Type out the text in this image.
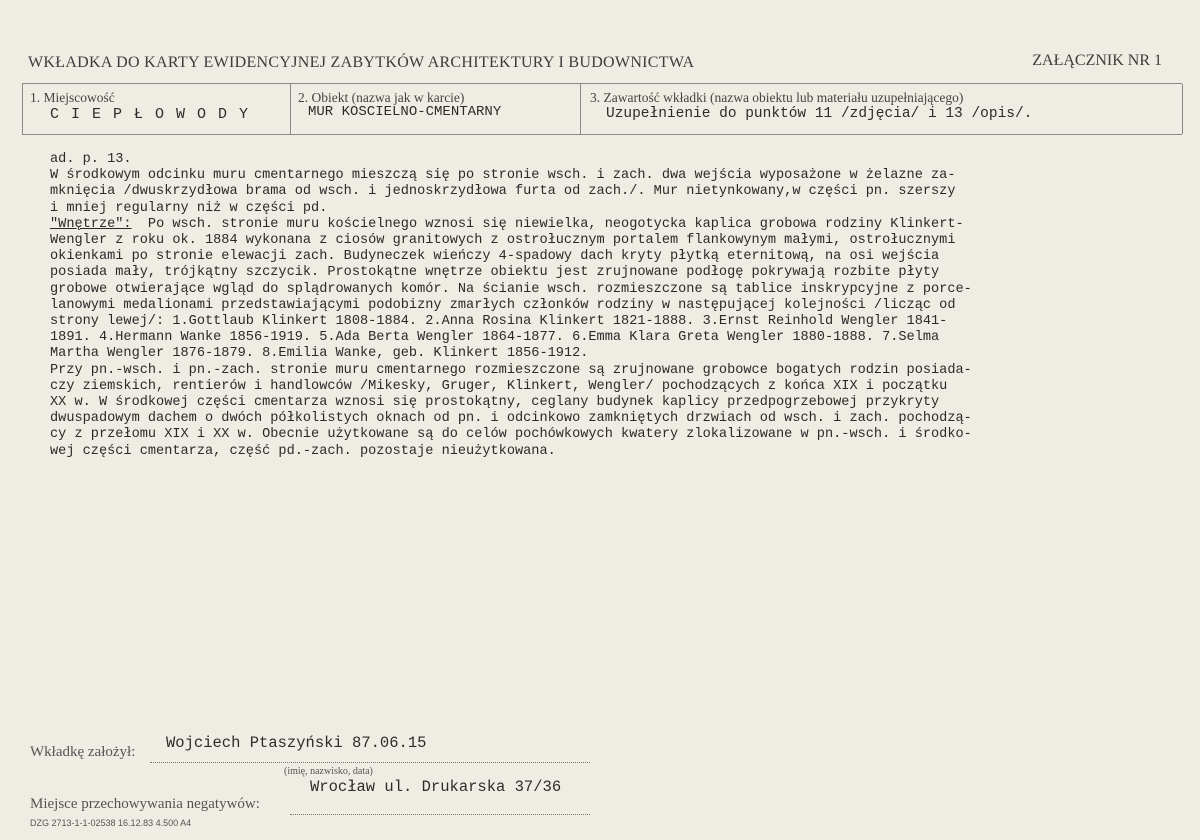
WKŁADKA DO KARTY EWIDENCYJNEJ ZABYTKÓW ARCHITEKTURY I BUDOWNICTWA	ZAŁĄCZNIK NR 1
1. Miejscowość
C I E P Ł O W O D Y
2. Obiekt (nazwa jak w karcie)
MUR KOSCIELNO-CMENTARNY
3. Zawartość wkładki (nazwa obiektu lub materiału uzupełniającego)
Uzupełnienie do punktów 11 /zdjęcia/ i 13 /opis/.

ad. p. 13.

W środkowym odcinku muru cmentarnego mieszczą się po stronie wsch. i zach. dwa wejścia wyposażone w żelazne za-

mknięcia /dwuskrzydłowa brama od wsch. i jednoskrzydłowa furta od zach./. Mur nietynkowany,w części pn. szerszy

i mniej regularny niż w części pd.

"Wnętrze": Po wsch. stronie muru kościelnego wznosi się niewielka, neogotycka kaplica grobowa rodziny Klinkert-

Wengler z roku ok. 1884 wykonana z ciosów granitowych z ostrołucznym portalem flankowynym małymi, ostrołucznymi

okienkami po stronie elewacji zach. Budyneczek wieńczy 4-spadowy dach kryty płytką eternitową, na osi wejścia

posiada mały, trójkątny szczycik. Prostokątne wnętrze obiektu jest zrujnowane podłogę pokrywają rozbite płyty

grobowe otwierające wgląd do splądrowanych komór. Na ścianie wsch. rozmieszczone są tablice inskrypcyjne z porce-

lanowymi medalionami przedstawiającymi podobizny zmarłych członków rodziny w następującej kolejności /licząc od

strony lewej/: 1.Gottlaub Klinkert 1808-1884. 2.Anna Rosina Klinkert 1821-1888. 3.Ernst Reinhold Wengler 1841-

1891. 4.Hermann Wanke 1856-1919. 5.Ada Berta Wengler 1864-1877. 6.Emma Klara Greta Wengler 1880-1888. 7.Selma

Martha Wengler 1876-1879. 8.Emilia Wanke, geb. Klinkert 1856-1912.

Przy pn.-wsch. i pn.-zach. stronie muru cmentarnego rozmieszczone są zrujnowane grobowce bogatych rodzin posiada-

czy ziemskich, rentierów i handlowców /Mikesky, Gruger, Klinkert, Wengler/ pochodzących z końca XIX i początku

XX w. W środkowej części cmentarza wznosi się prostokątny, ceglany budynek kaplicy przedpogrzebowej przykryty

dwuspadowym dachem o dwóch półkolistych oknach od pn. i odcinkowo zamkniętych drzwiach od wsch. i zach. pochodzą-

cy z przełomu XIX i XX w. Obecnie użytkowane są do celów pochówkowych kwatery zlokalizowane w pn.-wsch. i środko-

wej części cmentarza, część pd.-zach. pozostaje nieużytkowana.

Wkładkę założył: Wojciech Ptaszyński 87.06.15
(imię, nazwisko, data)
Miejsce przechowywania negatywów:
Wrocław ul. Drukarska 37/36
DZG 2713-1-1-02538 16.12.83 4.500 A4
